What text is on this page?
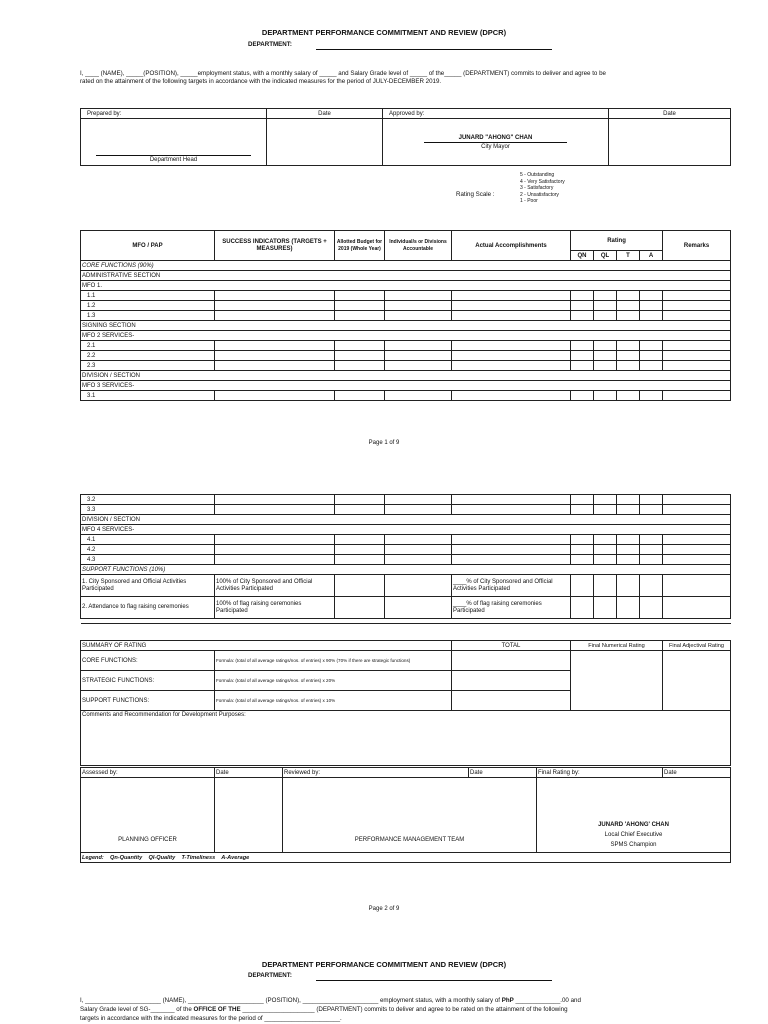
DEPARTMENT PERFORMANCE COMMITMENT AND REVIEW (DPCR)
DEPARTMENT:
I, ____ (NAME), _____(POSITION), _____employment status, with a monthly salary of _____ and Salary Grade level of _____ of the_____ (DEPARTMENT) commits to deliver and agree to be
rated on the attainment of the following targets in accordance with the indicated measures for the period of JULY-DECEMBER 2019.
Prepared by:	Date	Approved by:	Date

Department Head		JUNARD "AHONG" CHAN
City Mayor	

Rating Scale :
5 - Outstanding
4 - Very Satisfactory
3 - Satisfactory
2 - Unsatisfactory
1 - Poor
MFO / PAP	SUCCESS INDICATORS (TARGETS + MEASURES)	Allotted Budget for 2019 (Whole Year)	Individual/s or Divisions Accountable	Actual Accomplishments	Rating				Remarks
					QN	QL	T	A	
CORE FUNCTIONS (90%)									
ADMINISTRATIVE SECTION									
MFO 1.									
1.1									
1.2									
1.3									
SIGNING SECTION									
MFO 2 SERVICES-									
2.1									
2.2									
2.3									
DIVISION / SECTION									
MFO 3 SERVICES-									
3.1									
Page 1 of 9
3.2									
3.3									
DIVISION / SECTION									
MFO 4 SERVICES-									
4.1									
4.2									
4.3									
SUPPORT FUNCTIONS (10%)									
1. City Sponsored and Official Activities Participated	100% of City Sponsored and Official Activities Participated			____% of City Sponsored and Official Activities Participated					
2. Attendance to flag raising ceremonies	100% of flag raising ceremonies Participated			____% of flag raising ceremonies Participated					

SUMMARY OF RATING		TOTAL	Final Numerical Rating	Final Adjectival Rating
CORE FUNCTIONS:	Formula: (total of all average ratings/nos. of entries) x 90% (70% if there are strategic functions)			
STRATEGIC FUNCTIONS:	Formula: (total of all average ratings/nos. of entries) x 20%			
SUPPORT FUNCTIONS:	Formula: (total of all average ratings/nos. of entries) x 10%			
Comments and Recommendation for Development Purposes:				
Assessed by:	Date	Reviewed by:	Date	Final Rating by:	Date
PLANNING OFFICER		PERFORMANCE MANAGEMENT TEAM		JUNARD 'AHONG' CHAN
Local Chief Executive
SPMS Champion	

Legend:    Qn-Quantity    Ql-Quality    T-Timeliness    A-Average					
Page 2 of 9
DEPARTMENT PERFORMANCE COMMITMENT AND REVIEW (DPCR)
DEPARTMENT:
I, ______________________ (NAME), ______________________ (POSITION), ______________________ employment status, with a monthly salary of PhP _____________.00 and
Salary Grade level of SG-_______ of the OFFICE OF THE _____________________ (DEPARTMENT) commits to deliver and agree to be rated on the attainment of the following
targets in accordance with the indicated measures for the period of ______________________.
